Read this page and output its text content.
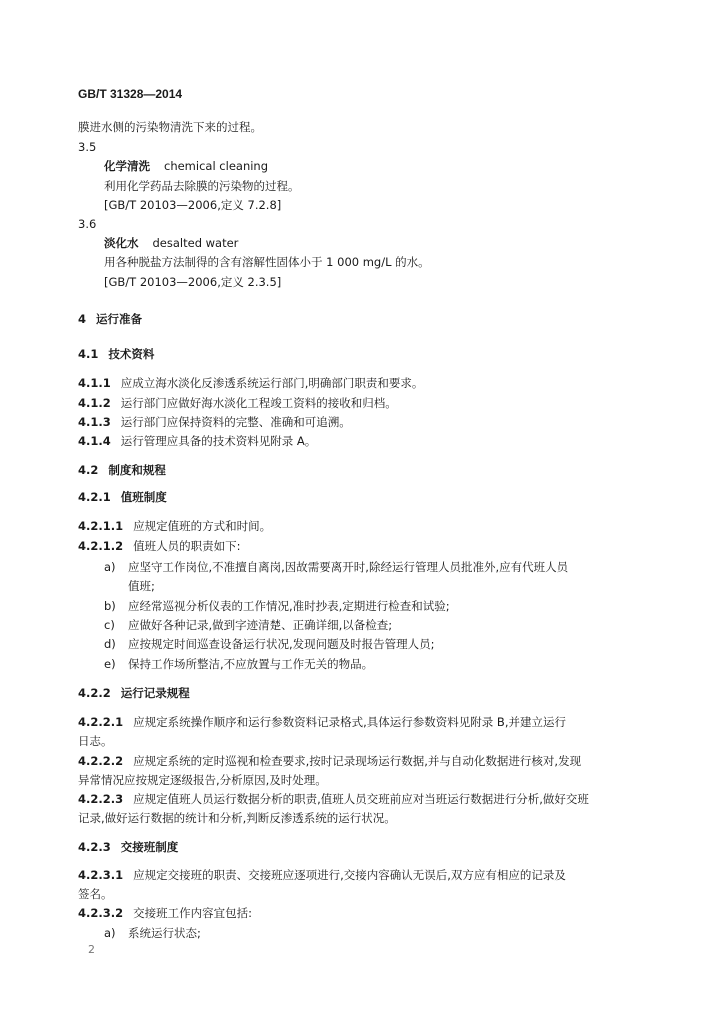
GB/T 31328—2014
膜进水侧的污染物清洗下来的过程。
3.5
化学清洗 chemical cleaning
利用化学药品去除膜的污染物的过程。
[GB/T 20103—2006,定义 7.2.8]
3.6
淡化水 desalted water
用各种脱盐方法制得的含有溶解性固体小于 1 000 mg/L 的水。
[GB/T 20103—2006,定义 2.3.5]
4 运行准备
4.1 技术资料
4.1.1 应成立海水淡化反渗透系统运行部门,明确部门职责和要求。
4.1.2 运行部门应做好海水淡化工程竣工资料的接收和归档。
4.1.3 运行部门应保持资料的完整、准确和可追溯。
4.1.4 运行管理应具备的技术资料见附录 A。
4.2 制度和规程
4.2.1 值班制度
4.2.1.1 应规定值班的方式和时间。
4.2.1.2 值班人员的职责如下:
a) 应坚守工作岗位,不准擅自离岗,因故需要离开时,除经运行管理人员批准外,应有代班人员
值班;
b) 应经常巡视分析仪表的工作情况,准时抄表,定期进行检查和试验;
c) 应做好各种记录,做到字迹清楚、正确详细,以备检查;
d) 应按规定时间巡查设备运行状况,发现问题及时报告管理人员;
e) 保持工作场所整洁,不应放置与工作无关的物品。
4.2.2 运行记录规程
4.2.2.1 应规定系统操作顺序和运行参数资料记录格式,具体运行参数资料见附录 B,并建立运行
日志。
4.2.2.2 应规定系统的定时巡视和检查要求,按时记录现场运行数据,并与自动化数据进行核对,发现
异常情况应按规定逐级报告,分析原因,及时处理。
4.2.2.3 应规定值班人员运行数据分析的职责,值班人员交班前应对当班运行数据进行分析,做好交班
记录,做好运行数据的统计和分析,判断反渗透系统的运行状况。
4.2.3 交接班制度
4.2.3.1 应规定交接班的职责、交接班应逐项进行,交接内容确认无误后,双方应有相应的记录及
签名。
4.2.3.2 交接班工作内容宜包括:
a) 系统运行状态;
2
